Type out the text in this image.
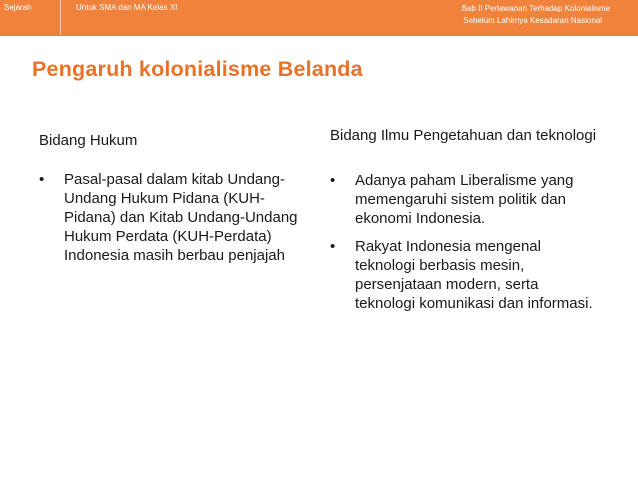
Sejarah	Untuk SMA dan MA Kelas XI	Bab II Perlawanan Terhadap Kolonialisme
Sebelum Lahirnya Kesadaran Nasional
Pengaruh kolonialisme Belanda
Bidang Hukum
• Pasal-pasal dalam kitab Undang-Undang Hukum Pidana (KUH-Pidana) dan Kitab Undang-Undang Hukum Perdata (KUH-Perdata) Indonesia masih berbau penjajah
Bidang Ilmu Pengetahuan dan teknologi
• Adanya paham Liberalisme yang memengaruhi sistem politik dan ekonomi Indonesia.
• Rakyat Indonesia mengenal teknologi berbasis mesin, persenjataan modern, serta teknologi komunikasi dan informasi.
